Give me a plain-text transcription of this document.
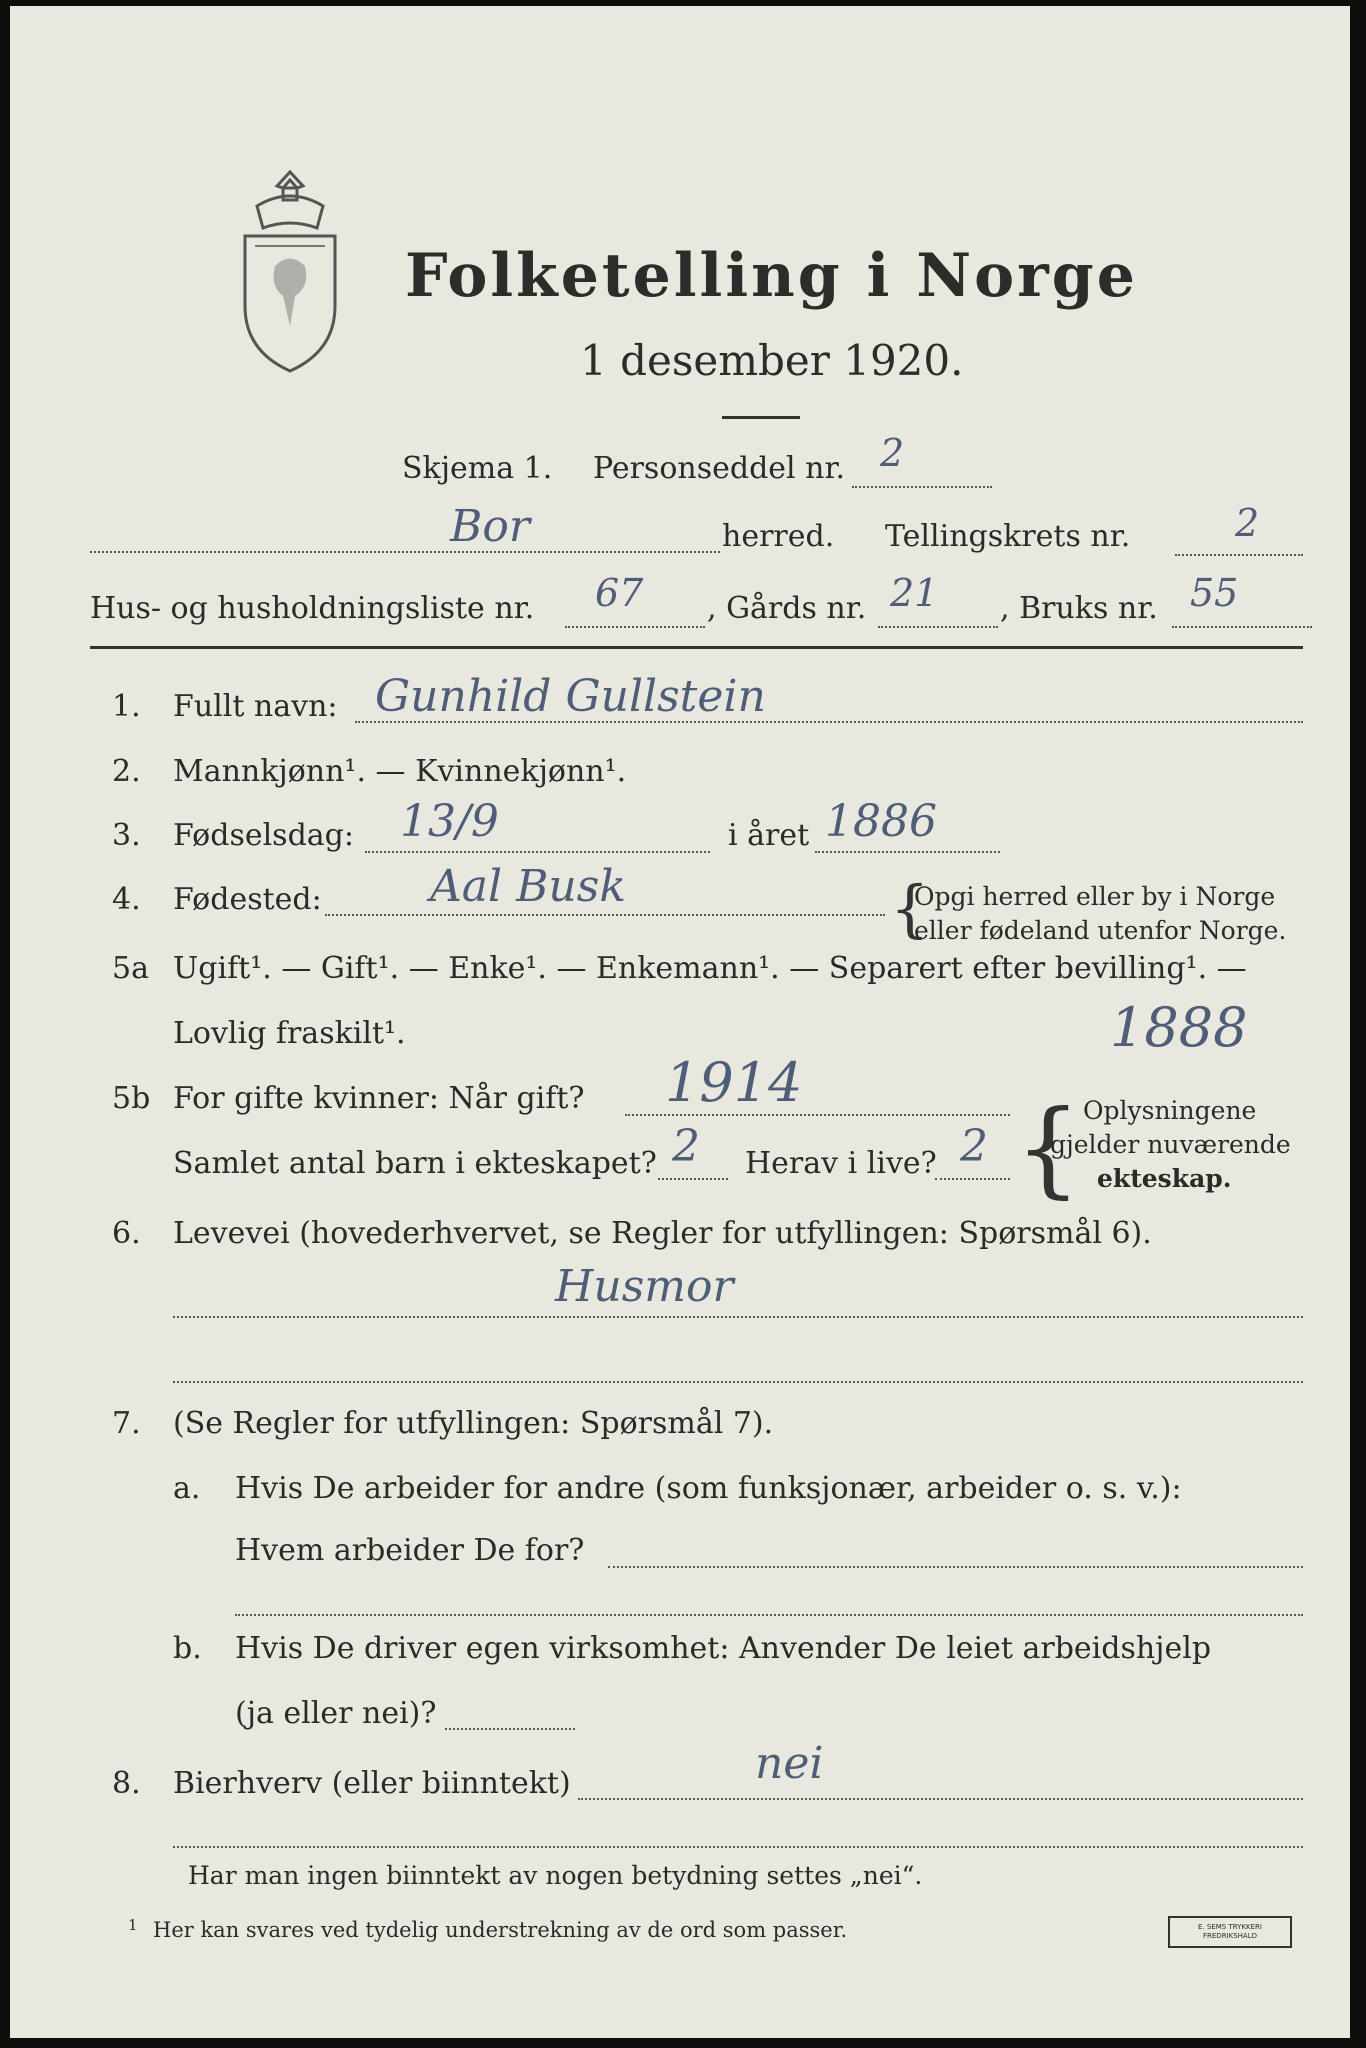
Folketelling i Norge
1 desember 1920.
Skjema 1. Personseddel nr. 2
Bor	herred. Tellingskrets nr.	2
Hus- og husholdningsliste nr. 67 , Gårds nr. 21 , Bruks nr. 55
1. Fullt navn: Gunhild Gullstein
2. Mannkjønn¹. — Kvinnekjønn¹.
3. Fødselsdag: 13/9	i året 1886
4. Fødested: Aal Busk	{
Opgi herred eller by i Norge
eller fødeland utenfor Norge.
5a Ugift¹. — Gift¹. — Enke¹. — Enkemann¹. — Separert efter bevilling¹. —
Lovlig fraskilt¹.	1888
5b For gifte kvinner: Når gift? 1914
Samlet antal barn i ekteskapet? 2 Herav i live? 2 { Oplysningene
gjelder nuværende
ekteskap.
6. Levevei (hovederhvervet, se Regler for utfyllingen: Spørsmål 6).
Husmor
7. (Se Regler for utfyllingen: Spørsmål 7).
a. Hvis De arbeider for andre (som funksjonær, arbeider o. s. v.):
Hvem arbeider De for?
b. Hvis De driver egen virksomhet: Anvender De leiet arbeidshjelp
(ja eller nei)?
8. Bierhverv (eller biinntekt)	nei
Har man ingen biinntekt av nogen betydning settes „nei“.
1 Her kan svares ved tydelig understrekning av de ord som passer.	E. SEMS TRYKKERI FREDRIKSHALD
